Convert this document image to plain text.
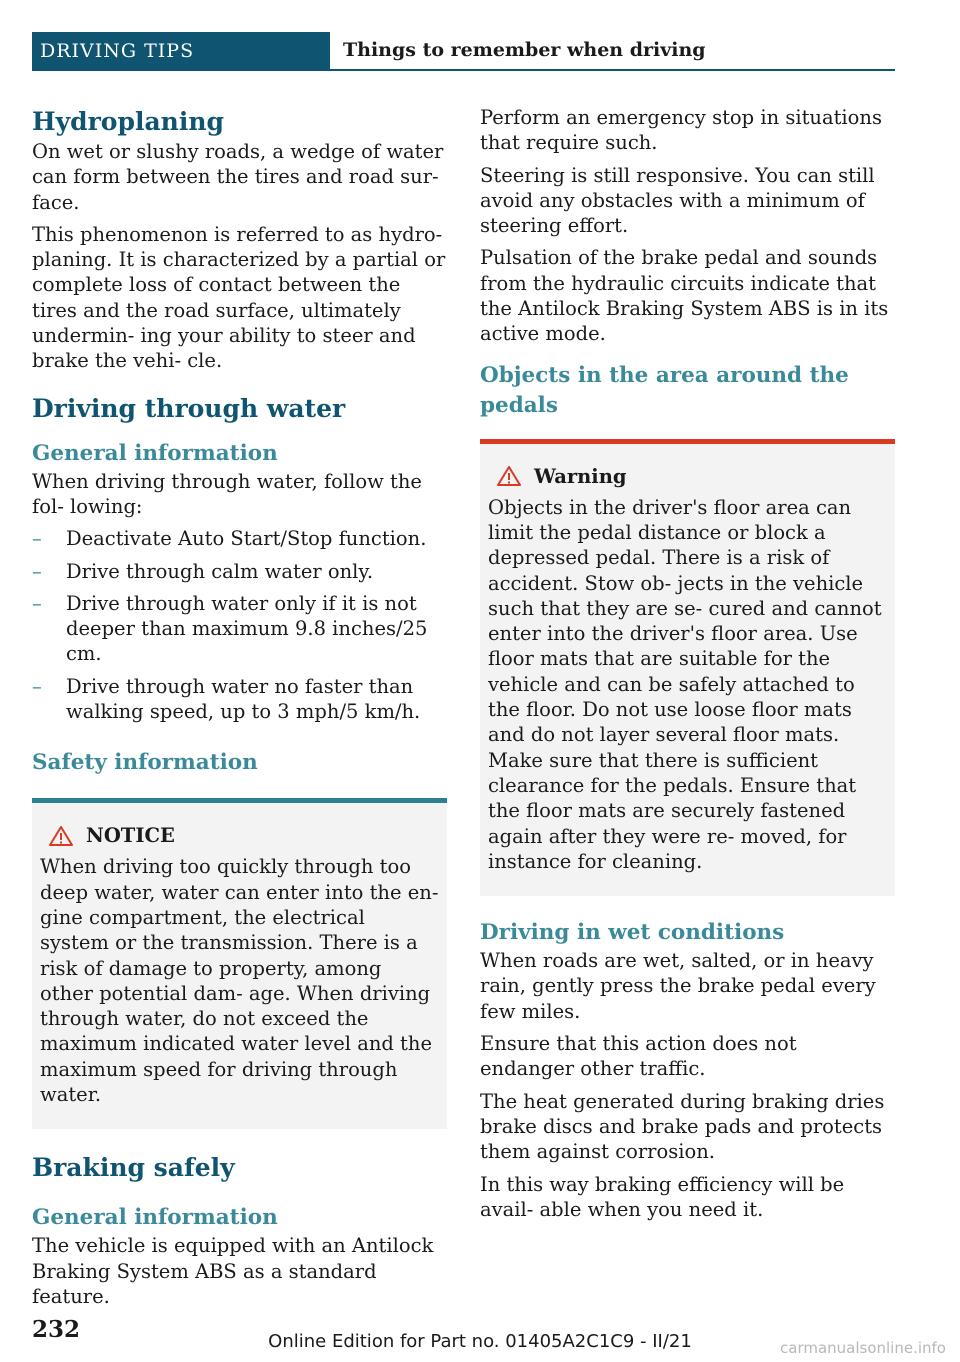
DRIVING TIPS	Things to remember when driving
Hydroplaning

On wet or slushy roads, a wedge of water can form between the tires and road sur‐ face.

This phenomenon is referred to as hydro‐ planing. It is characterized by a partial or complete loss of contact between the tires and the road surface, ultimately undermin‐ ing your ability to steer and brake the vehi‐ cle.

Driving through water
General information

When driving through water, follow the fol‐ lowing:

– Deactivate Auto Start/Stop function.
– Drive through calm water only.
– Drive through water only if it is not deeper than maximum 9.8 inches/25 cm.
– Drive through water no faster than walking speed, up to 3 mph/5 km/h.
Safety information
NOTICE

When driving too quickly through too deep water, water can enter into the en‐ gine compartment, the electrical system or the transmission. There is a risk of damage to property, among other potential dam‐ age. When driving through water, do not exceed the maximum indicated water level and the maximum speed for driving through water.

Braking safely
General information

The vehicle is equipped with an Antilock Braking System ABS as a standard feature.

Perform an emergency stop in situations that require such.

Steering is still responsive. You can still avoid any obstacles with a minimum of steering effort.

Pulsation of the brake pedal and sounds from the hydraulic circuits indicate that the Antilock Braking System ABS is in its active mode.

Objects in the area around the pedals
Warning

Objects in the driver's floor area can limit the pedal distance or block a depressed pedal. There is a risk of accident. Stow ob‐ jects in the vehicle such that they are se‐ cured and cannot enter into the driver's floor area. Use floor mats that are suitable for the vehicle and can be safely attached to the floor. Do not use loose floor mats and do not layer several floor mats. Make sure that there is sufficient clearance for the pedals. Ensure that the floor mats are securely fastened again after they were re‐ moved, for instance for cleaning.

Driving in wet conditions

When roads are wet, salted, or in heavy rain, gently press the brake pedal every few miles.

Ensure that this action does not endanger other traffic.

The heat generated during braking dries brake discs and brake pads and protects them against corrosion.

In this way braking efficiency will be avail‐ able when you need it.

232	Online Edition for Part no. 01405A2C1C9 - II/21	carmanualsonline.info
